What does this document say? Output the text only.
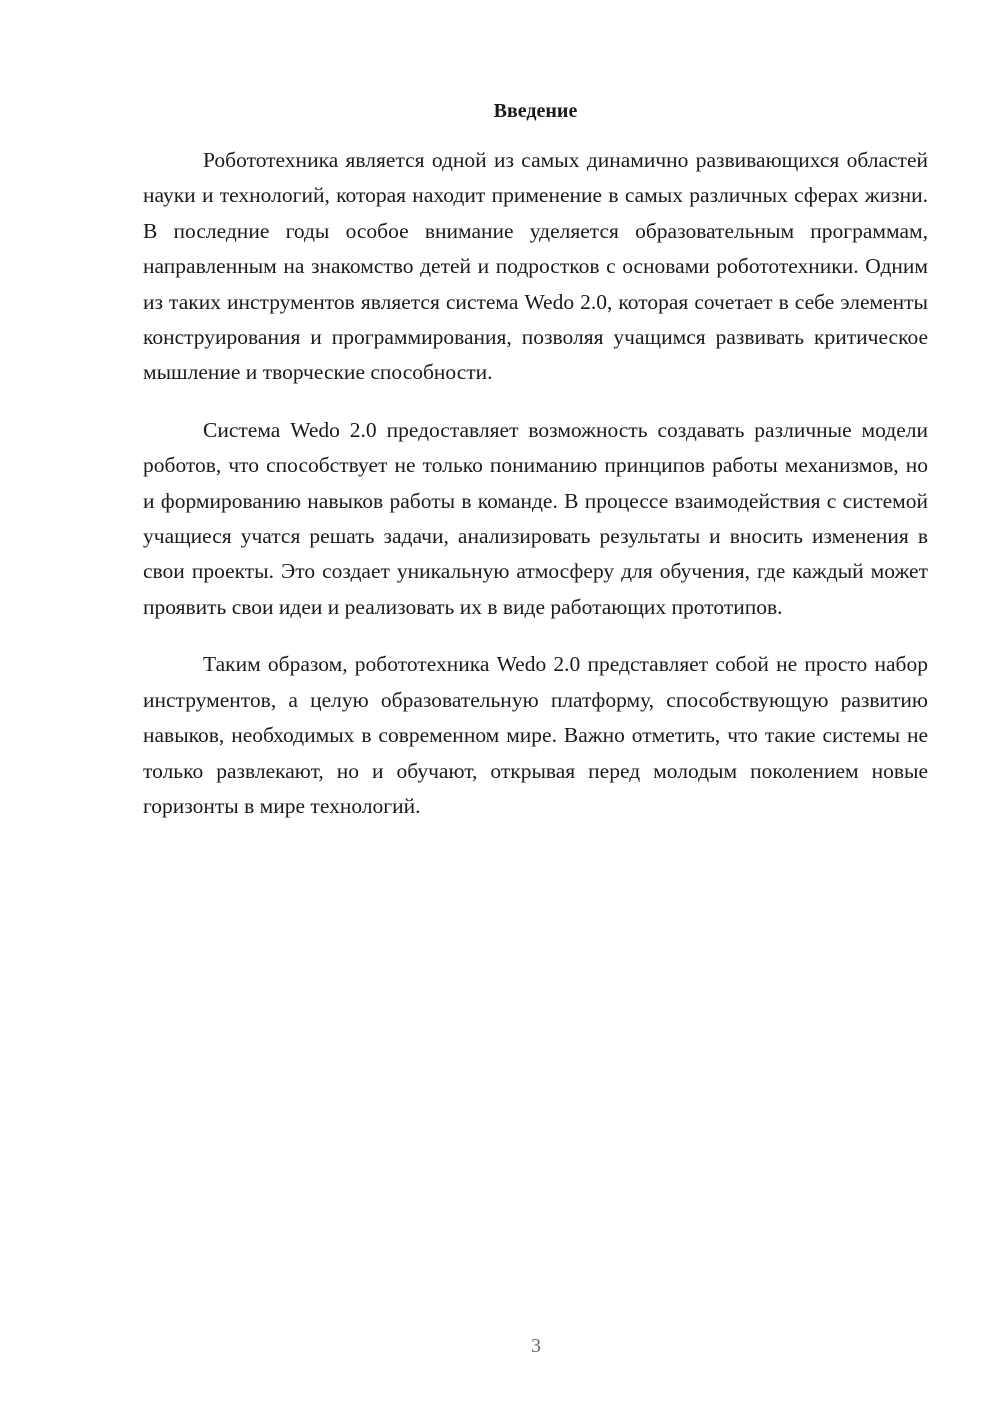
Введение

Робототехника является одной из самых динамично развивающихся областей науки и технологий, которая находит применение в самых различных сферах жизни. В последние годы особое внимание уделяется образовательным программам, направленным на знакомство детей и подростков с основами робототехники. Одним из таких инструментов является система Wedo 2.0, которая сочетает в себе элементы конструирования и программирования, позволяя учащимся развивать критическое мышление и творческие способности.

Система Wedo 2.0 предоставляет возможность создавать различные модели роботов, что способствует не только пониманию принципов работы механизмов, но и формированию навыков работы в команде. В процессе взаимодействия с системой учащиеся учатся решать задачи, анализировать результаты и вносить изменения в свои проекты. Это создает уникальную атмосферу для обучения, где каждый может проявить свои идеи и реализовать их в виде работающих прототипов.

Таким образом, робототехника Wedo 2.0 представляет собой не просто набор инструментов, а целую образовательную платформу, способствующую развитию навыков, необходимых в современном мире. Важно отметить, что такие системы не только развлекают, но и обучают, открывая перед молодым поколением новые горизонты в мире технологий.

3
